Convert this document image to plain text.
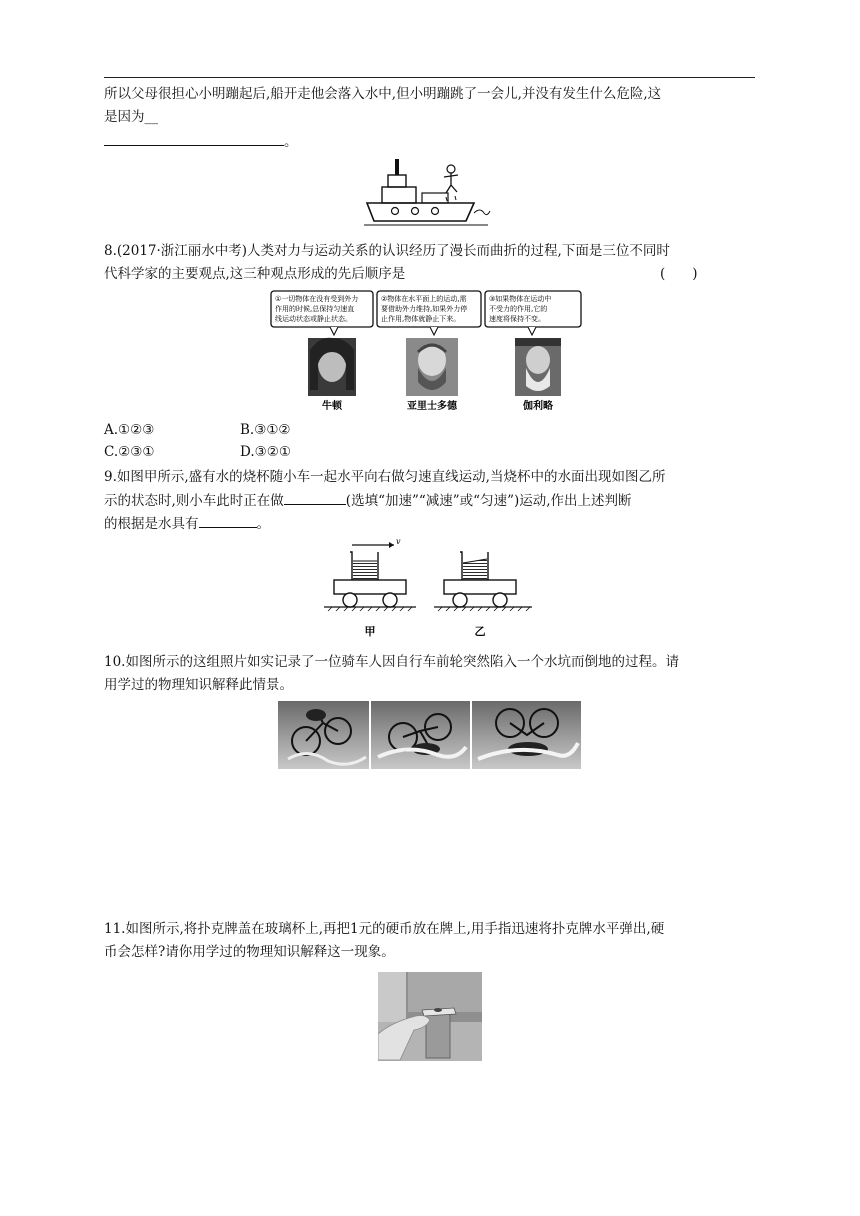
所以父母很担心小明蹦起后,船开走他会落入水中,但小明蹦跳了一会儿,并没有发生什么危险,这

是因为__

。

8.(2017·浙江丽水中考)人类对力与运动关系的认识经历了漫长而曲折的过程,下面是三位不同时

代科学家的主要观点,这三种观点形成的先后顺序是	(　　)

①一切物体在没有受到外力
作用的时候,总保持匀速直
线运动状态或静止状态。
②物体在水平面上的运动,需
要借助外力维持,如果外力停
止作用,物体就静止下来。
③如果物体在运动中
不受力的作用,它的
速度将保持不变。
牛顿	亚里士多德	伽利略
A.①②③	B.③①②
C.②③①	D.③②①

9.如图甲所示,盛有水的烧杯随小车一起水平向右做匀速直线运动,当烧杯中的水面出现如图乙所

示的状态时,则小车此时正在做	(选填“加速”“减速”或“匀速”)运动,作出上述判断

的根据是水具有	。

v
甲	乙

10.如图所示的这组照片如实记录了一位骑车人因自行车前轮突然陷入一个水坑而倒地的过程。请

用学过的物理知识解释此情景。

11.如图所示,将扑克牌盖在玻璃杯上,再把1元的硬币放在牌上,用手指迅速将扑克牌水平弹出,硬

币会怎样?请你用学过的物理知识解释这一现象。
